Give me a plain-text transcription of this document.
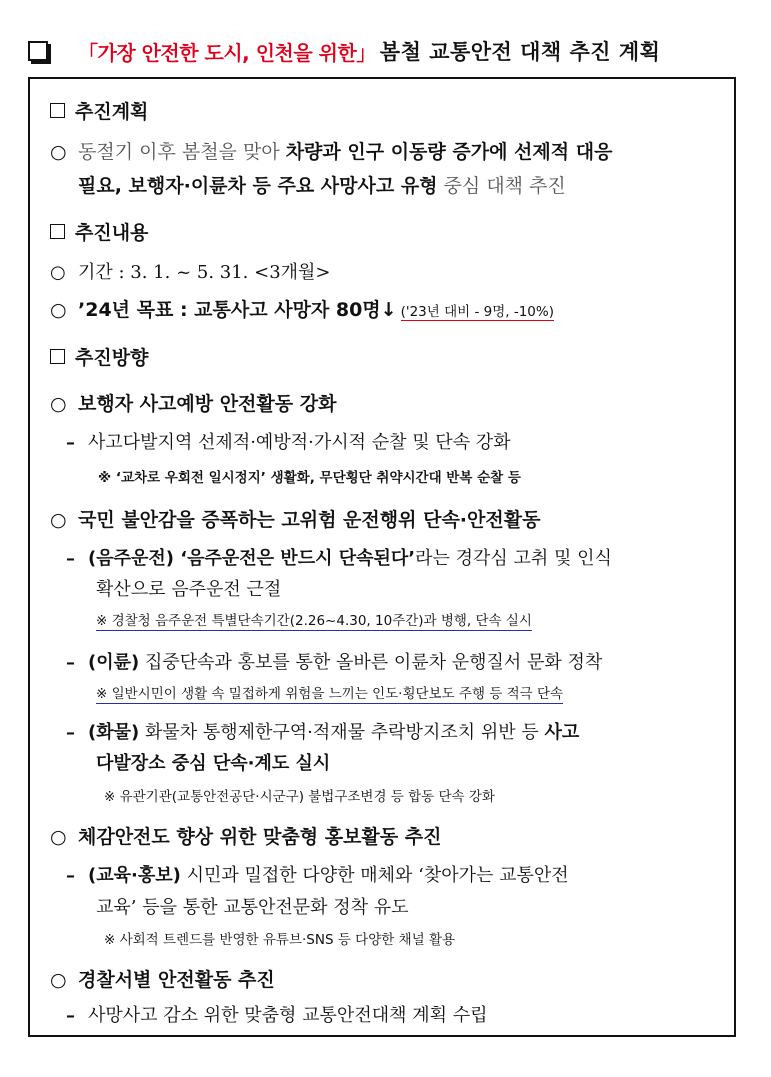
「가장 안전한 도시, 인천을 위한」 봄철 교통안전 대책 추진 계획
추진계획
○ 동절기 이후 봄철을 맞아 차량과 인구 이동량 증가에 선제적 대응
필요, 보행자·이륜차 등 주요 사망사고 유형 중심 대책 추진
추진내용
○ 기간 : 3. 1. ~ 5. 31. <3개월>
○ ’24년 목표 : 교통사고 사망자 80명↓ ('23년 대비 - 9명, -10%)
추진방향
○ 보행자 사고예방 안전활동 강화
– 사고다발지역 선제적·예방적·가시적 순찰 및 단속 강화
※ ‘교차로 우회전 일시정지’ 생활화, 무단횡단 취약시간대 반복 순찰 등
○ 국민 불안감을 증폭하는 고위험 운전행위 단속·안전활동
– (음주운전) ‘음주운전은 반드시 단속된다’라는 경각심 고취 및 인식
확산으로 음주운전 근절
※ 경찰청 음주운전 특별단속기간(2.26~4.30, 10주간)과 병행, 단속 실시
– (이륜) 집중단속과 홍보를 통한 올바른 이륜차 운행질서 문화 정착
※ 일반시민이 생활 속 밀접하게 위험을 느끼는 인도·횡단보도 주행 등 적극 단속
– (화물) 화물차 통행제한구역·적재물 추락방지조치 위반 등 사고
다발장소 중심 단속·계도 실시
※ 유관기관(교통안전공단·시군구) 불법구조변경 등 합동 단속 강화
○ 체감안전도 향상 위한 맞춤형 홍보활동 추진
– (교육·홍보) 시민과 밀접한 다양한 매체와 ‘찾아가는 교통안전
교육’ 등을 통한 교통안전문화 정착 유도
※ 사회적 트렌드를 반영한 유튜브·SNS 등 다양한 채널 활용
○ 경찰서별 안전활동 추진
– 사망사고 감소 위한 맞춤형 교통안전대책 계획 수립
